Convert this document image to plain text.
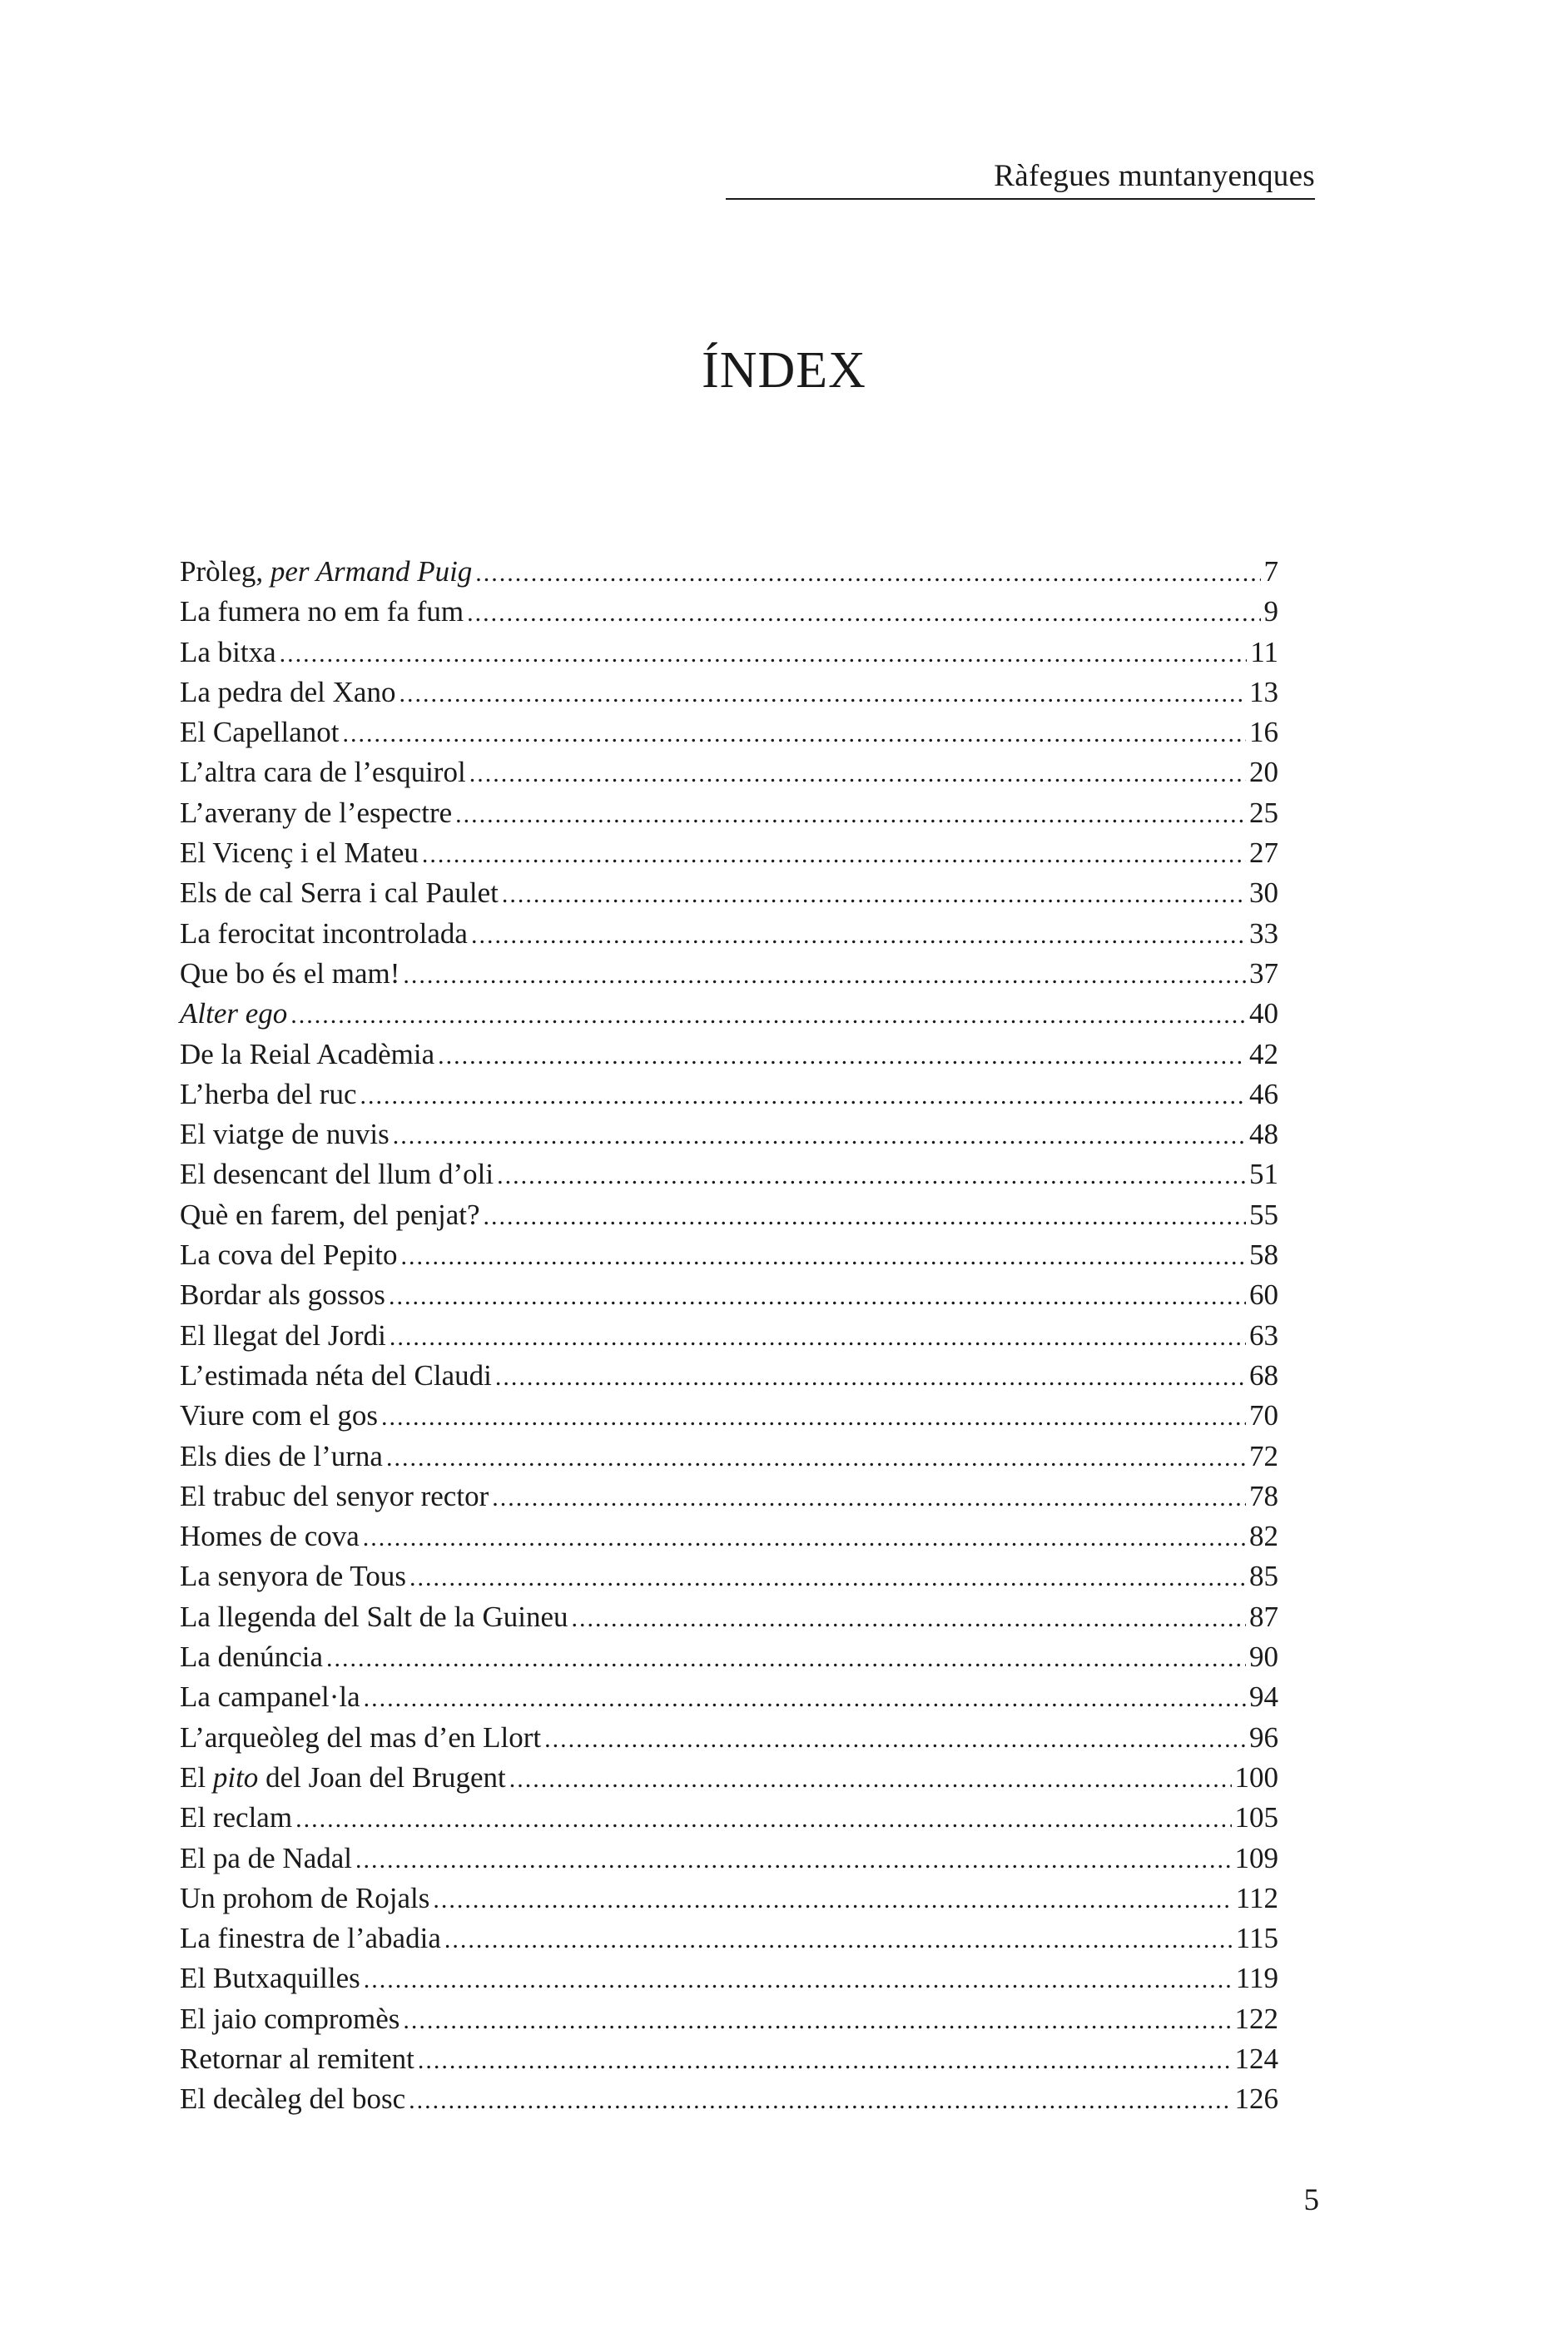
Ràfegues muntanyenques
ÍNDEX
Pròleg, per Armand Puig .....	7
La fumera no em fa fum .....	9
La bitxa .....	11
La pedra del Xano .....	13
El Capellanot .....	16
L’altra cara de l’esquirol .....	20
L’averany de l’espectre .....	25
El Vicenç i el Mateu .....	27
Els de cal Serra i cal Paulet .....	30
La ferocitat incontrolada .....	33
Que bo és el mam! .....	37
Alter ego .....	40
De la Reial Acadèmia .....	42
L’herba del ruc .....	46
El viatge de nuvis .....	48
El desencant del llum d’oli .....	51
Què en farem, del penjat? .....	55
La cova del Pepito .....	58
Bordar als gossos .....	60
El llegat del Jordi .....	63
L’estimada néta del Claudi .....	68
Viure com el gos .....	70
Els dies de l’urna .....	72
El trabuc del senyor rector .....	78
Homes de cova .....	82
La senyora de Tous .....	85
La llegenda del Salt de la Guineu .....	87
La denúncia .....	90
La campanel·la .....	94
L’arqueòleg del mas d’en Llort .....	96
El pito del Joan del Brugent .....	100
El reclam .....	105
El pa de Nadal .....	109
Un prohom de Rojals .....	112
La finestra de l’abadia .....	115
El Butxaquilles .....	119
El jaio compromès .....	122
Retornar al remitent .....	124
El decàleg del bosc .....	126
5
